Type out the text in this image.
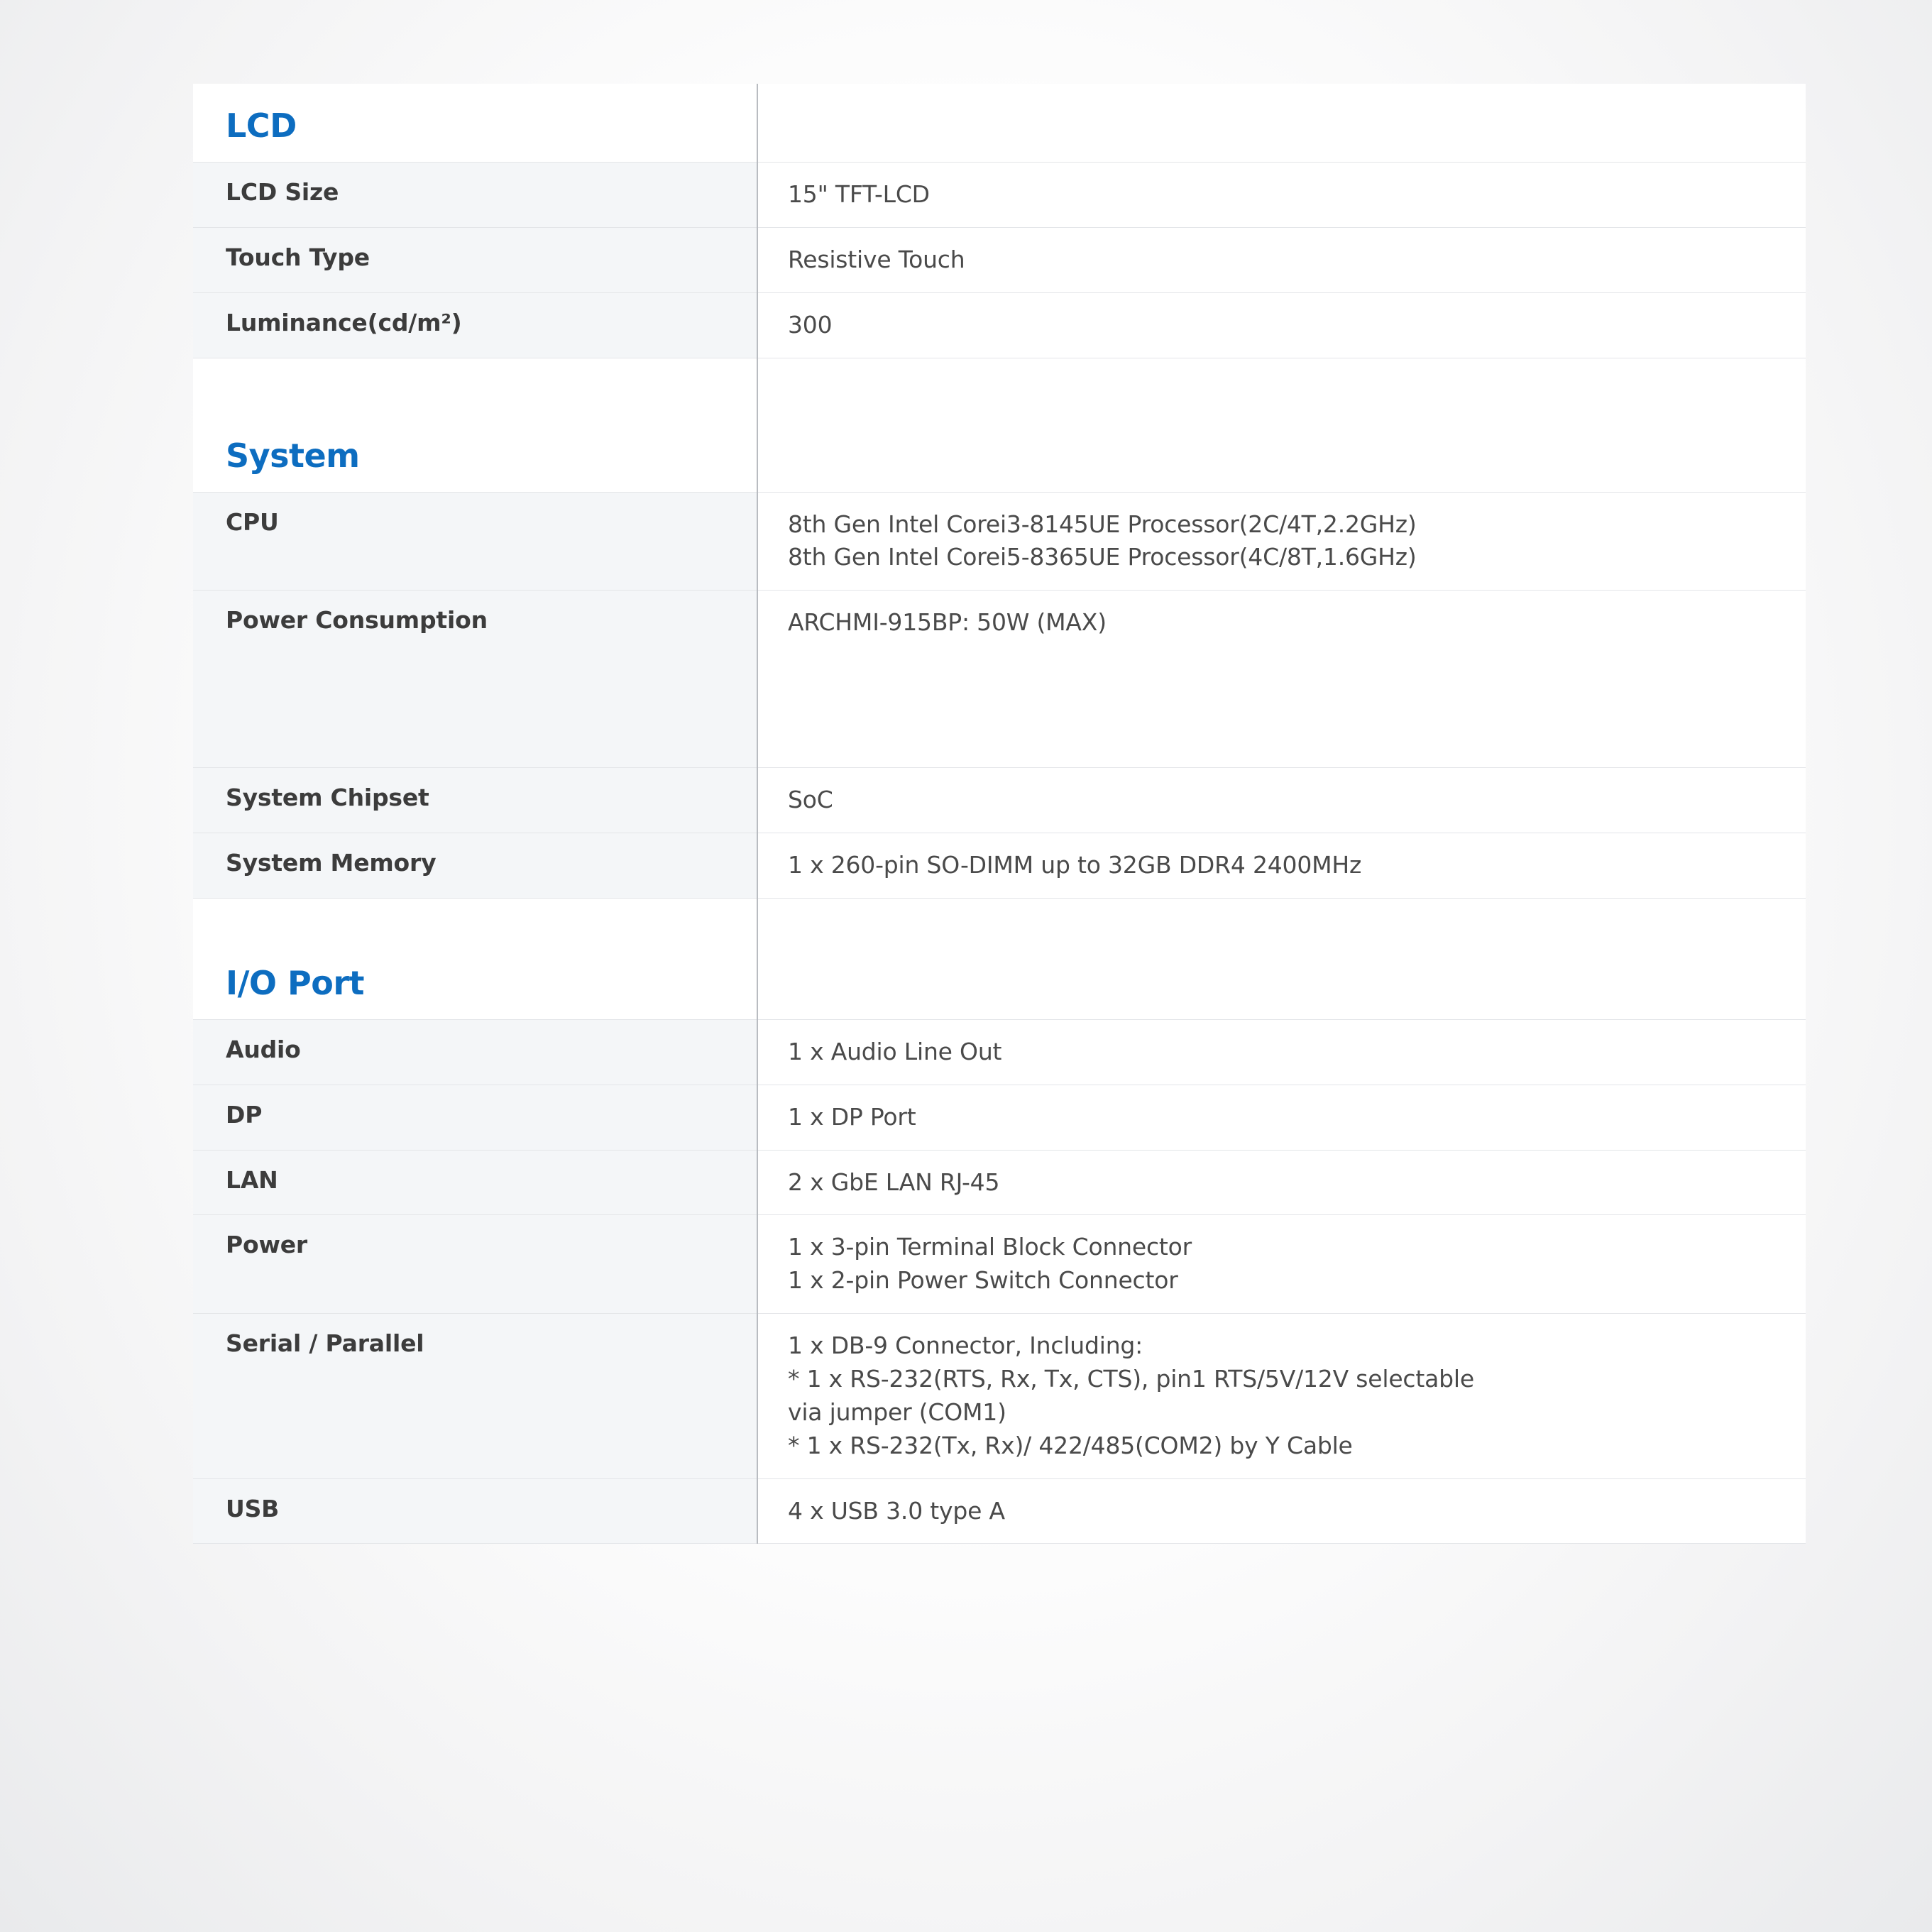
LCD	
LCD Size	15" TFT-LCD

Touch Type	Resistive Touch

Luminance(cd/m²)	300

System	
CPU	8th Gen Intel Corei3-8145UE Processor(2C/4T,2.2GHz)
8th Gen Intel Corei5-8365UE Processor(4C/8T,1.6GHz)

Power Consumption	ARCHMI-915BP: 50W (MAX)

System Chipset	SoC

System Memory	1 x 260-pin SO-DIMM up to 32GB DDR4 2400MHz

I/O Port	
Audio	1 x Audio Line Out

DP	1 x DP Port

LAN	2 x GbE LAN RJ-45

Power	1 x 3-pin Terminal Block Connector
1 x 2-pin Power Switch Connector

Serial / Parallel	1 x DB-9 Connector, Including:
* 1 x RS-232(RTS, Rx, Tx, CTS), pin1 RTS/5V/12V selectable
via jumper (COM1)
* 1 x RS-232(Tx, Rx)/ 422/485(COM2) by Y Cable

USB	4 x USB 3.0 type A
